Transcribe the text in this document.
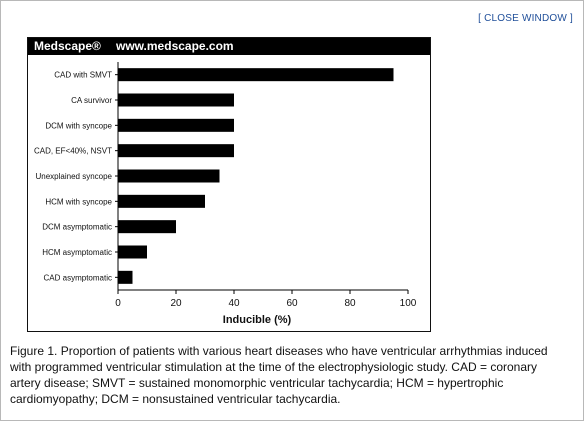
[ CLOSE WINDOW ]
Medscape® www.medscape.com
CAD with SMVT
CA survivor
DCM with syncope
CAD, EF<40%, NSVT
Unexplained syncope
HCM with syncope
DCM asymptomatic
HCM asymptomatic
CAD asymptomatic
0	20	40	60	80	100
Inducible (%)
Figure 1. Proportion of patients with various heart diseases who have ventricular arrhythmias induced with programmed ventricular stimulation at the time of the electrophysiologic study. CAD = coronary artery disease; SMVT = sustained monomorphic ventricular tachycardia; HCM = hypertrophic cardiomyopathy; DCM = nonsustained ventricular tachycardia.
